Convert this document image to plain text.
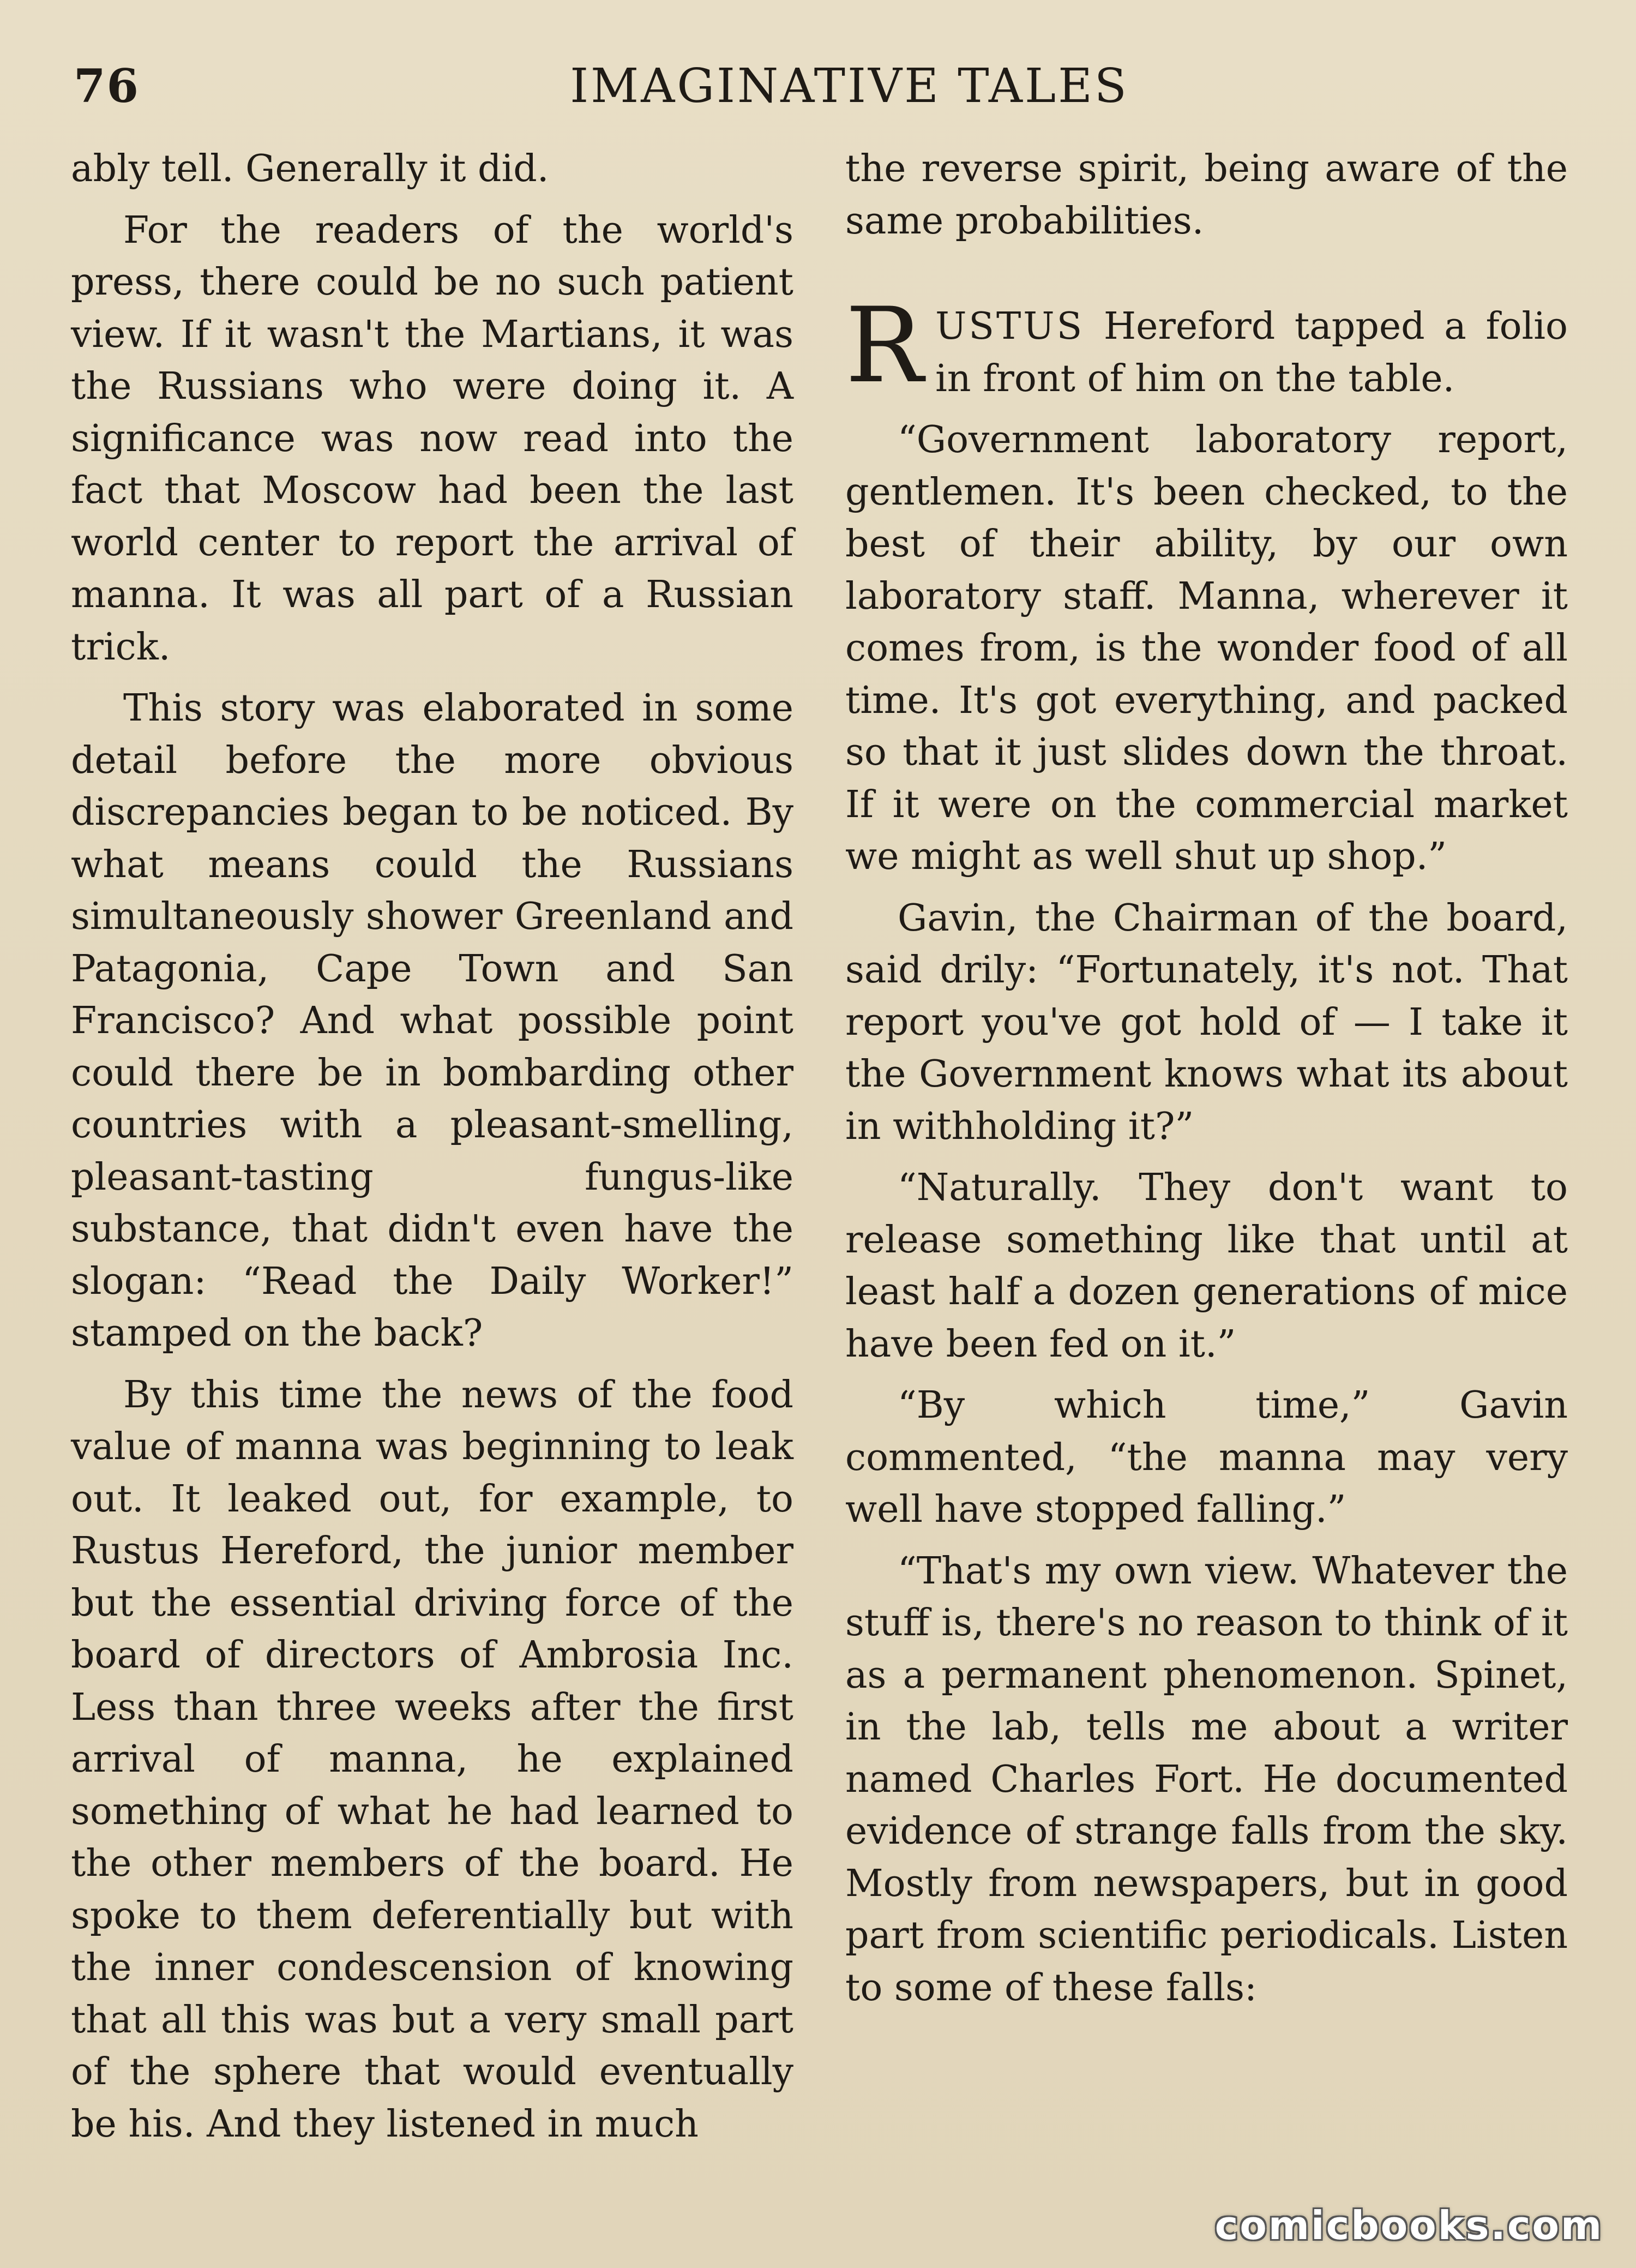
76	IMAGINATIVE TALES

ably tell. Generally it did.

For the readers of the world's press, there could be no such patient view. If it wasn't the Martians, it was the Russians who were doing it. A significance was now read into the fact that Moscow had been the last world center to report the arrival of manna. It was all part of a Russian trick.

This story was elaborated in some detail before the more obvious discrepancies began to be noticed. By what means could the Russians simultaneously shower Greenland and Patagonia, Cape Town and San Francisco? And what possible point could there be in bombarding other countries with a pleasant-smelling, pleasant-tasting fungus-like substance, that didn't even have the slogan: “Read the Daily Worker!” stamped on the back?

By this time the news of the food value of manna was beginning to leak out. It leaked out, for example, to Rustus Hereford, the junior member but the essential driving force of the board of directors of Ambrosia Inc. Less than three weeks after the first arrival of manna, he explained something of what he had learned to the other members of the board. He spoke to them deferentially but with the inner condescension of knowing that all this was but a very small part of the sphere that would eventually be his. And they listened in much

the reverse spirit, being aware of the same probabilities.

RUSTUS Hereford tapped a folio in front of him on the table.

“Government laboratory report, gentlemen. It's been checked, to the best of their ability, by our own laboratory staff. Manna, wherever it comes from, is the wonder food of all time. It's got everything, and packed so that it just slides down the throat. If it were on the commercial market we might as well shut up shop.”

Gavin, the Chairman of the board, said drily: “Fortunately, it's not. That report you've got hold of — I take it the Government knows what its about in withholding it?”

“Naturally. They don't want to release something like that until at least half a dozen generations of mice have been fed on it.”

“By which time,” Gavin commented, “the manna may very well have stopped falling.”

“That's my own view. Whatever the stuff is, there's no reason to think of it as a permanent phenomenon. Spinet, in the lab, tells me about a writer named Charles Fort. He documented evidence of strange falls from the sky. Mostly from newspapers, but in good part from scientific periodicals. Listen to some of these falls:

comicbooks.com
